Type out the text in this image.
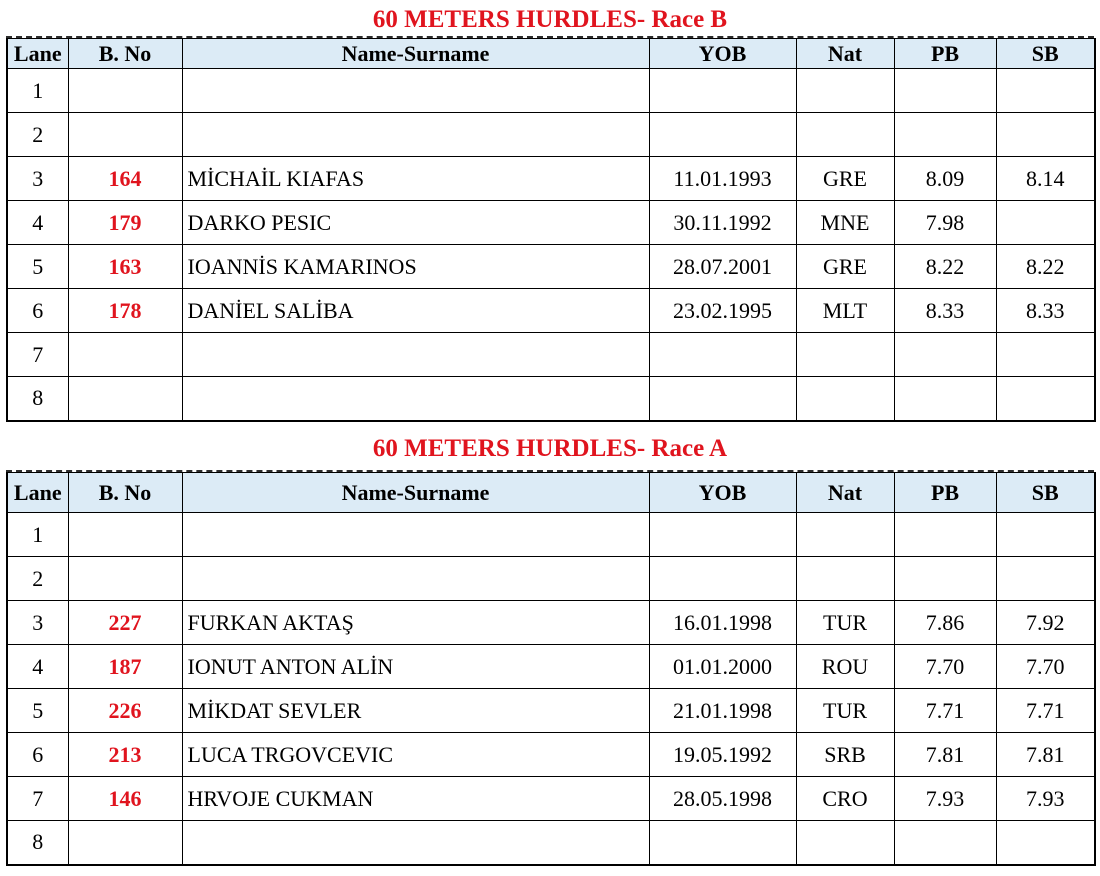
60 METERS HURDLES- Race B
Lane	B. No	Name-Surname	YOB	Nat	PB	SB
1						
2						
3	164	MİCHAİL KIAFAS	11.01.1993	GRE	8.09	8.14
4	179	DARKO PESIC	30.11.1992	MNE	7.98	
5	163	IOANNİS KAMARINOS	28.07.2001	GRE	8.22	8.22
6	178	DANİEL SALİBA	23.02.1995	MLT	8.33	8.33
7						
8						
60 METERS HURDLES- Race A
Lane	B. No	Name-Surname	YOB	Nat	PB	SB
1						
2						
3	227	FURKAN AKTAŞ	16.01.1998	TUR	7.86	7.92
4	187	IONUT ANTON ALİN	01.01.2000	ROU	7.70	7.70
5	226	MİKDAT SEVLER	21.01.1998	TUR	7.71	7.71
6	213	LUCA TRGOVCEVIC	19.05.1992	SRB	7.81	7.81
7	146	HRVOJE CUKMAN	28.05.1998	CRO	7.93	7.93
8						
